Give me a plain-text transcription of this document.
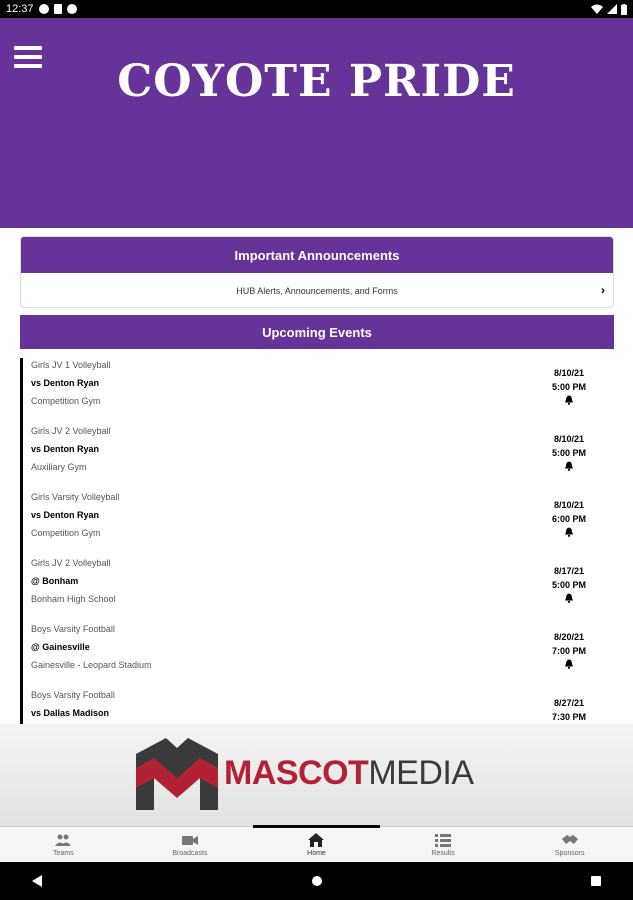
12:37
COYOTE PRIDE
Important Announcements
HUB Alerts, Announcements, and Forms	›
Upcoming Events
Girls JV 1 Volleyball
vs Denton Ryan
Competition Gym
8/10/21
5:00 PM
Girls JV 2 Volleyball
vs Denton Ryan
Auxiliary Gym
8/10/21
5:00 PM
Girls Varsity Volleyball
vs Denton Ryan
Competition Gym
8/10/21
6:00 PM
Girls JV 2 Volleyball
@ Bonham
Bonham High School
8/17/21
5:00 PM
Boys Varsity Football
@ Gainesville
Gainesville - Leopard Stadium
8/20/21
7:00 PM
Boys Varsity Football
vs Dallas Madison
8/27/21
7:30 PM
MASCOTMEDIA
Teams	Broadcasts	Home	Results	Sponsors
